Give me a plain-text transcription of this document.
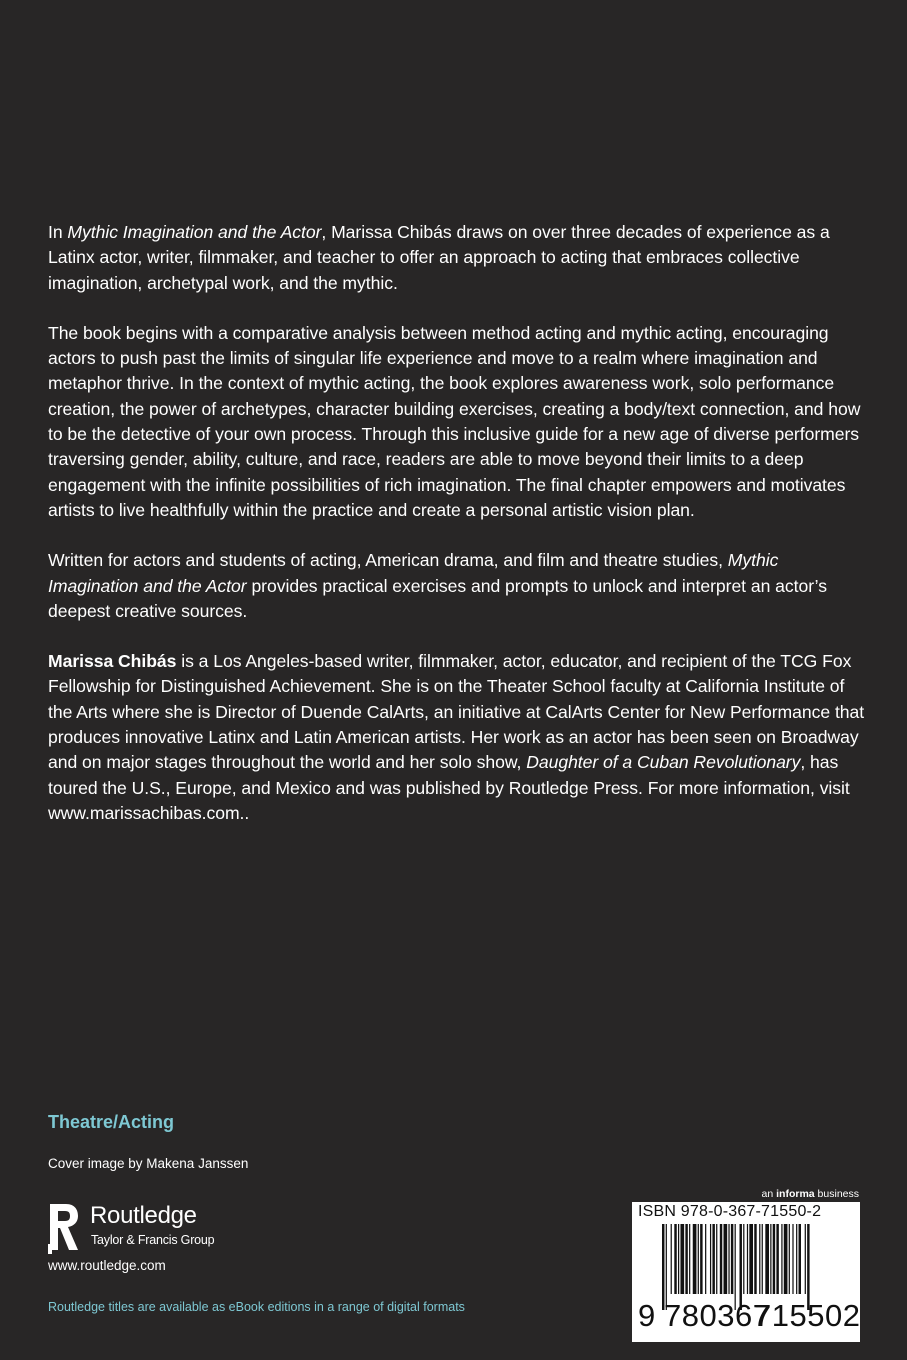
In Mythic Imagination and the Actor, Marissa Chibás draws on over three decades of experience as a Latinx actor, writer, filmmaker, and teacher to offer an approach to acting that embraces collective imagination, archetypal work, and the mythic.

The book begins with a comparative analysis between method acting and mythic acting, encouraging actors to push past the limits of singular life experience and move to a realm where imagination and metaphor thrive. In the context of mythic acting, the book explores awareness work, solo performance creation, the power of archetypes, character building exercises, creating a body/text connection, and how to be the detective of your own process. Through this inclusive guide for a new age of diverse performers traversing gender, ability, culture, and race, readers are able to move beyond their limits to a deep engagement with the infinite possibilities of rich imagination. The final chapter empowers and motivates artists to live healthfully within the practice and create a personal artistic vision plan.

Written for actors and students of acting, American drama, and film and theatre studies, Mythic Imagination and the Actor provides practical exercises and prompts to unlock and interpret an actor’s deepest creative sources.

Marissa Chibás is a Los Angeles-based writer, filmmaker, actor, educator, and recipient of the TCG Fox Fellowship for Distinguished Achievement. She is on the Theater School faculty at California Institute of the Arts where she is Director of Duende CalArts, an initiative at CalArts Center for New Performance that produces innovative Latinx and Latin American artists. Her work as an actor has been seen on Broadway and on major stages throughout the world and her solo show, Daughter of a Cuban Revolutionary, has toured the U.S., Europe, and Mexico and was published by Routledge Press. For more information, visit www.marissachibas.com..

Theatre/Acting
Cover image by Makena Janssen
Routledge
Taylor & Francis Group
www.routledge.com
Routledge titles are available as eBook editions in a range of digital formats
an informa business
ISBN 978-0-367-71550-2
9 780367
715502
